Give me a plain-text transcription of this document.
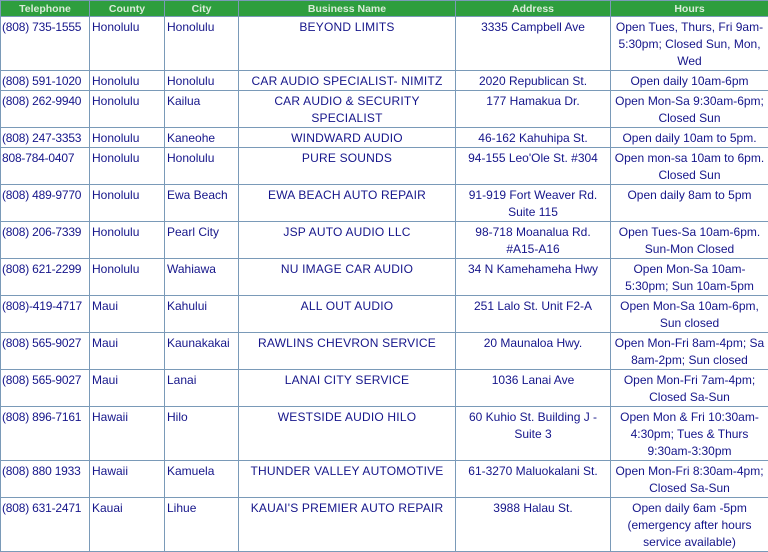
Telephone	County	City	Business Name	Address	Hours
(808) 735-1555	Honolulu	Honolulu	BEYOND LIMITS	3335 Campbell Ave	Open Tues, Thurs, Fri 9am-5:30pm; Closed Sun, Mon, Wed
(808) 591-1020	Honolulu	Honolulu	CAR AUDIO SPECIALIST- NIMITZ	2020 Republican St.	Open daily 10am-6pm
(808) 262-9940	Honolulu	Kailua	CAR AUDIO & SECURITY SPECIALIST	177 Hamakua Dr.	Open Mon-Sa 9:30am-6pm; Closed Sun
(808) 247-3353	Honolulu	Kaneohe	WINDWARD AUDIO	46-162 Kahuhipa St.	Open daily 10am to 5pm.
808-784-0407	Honolulu	Honolulu	PURE SOUNDS	94-155 Leo'Ole St. #304	Open mon-sa 10am to 6pm. Closed Sun
(808) 489-9770	Honolulu	Ewa Beach	EWA BEACH AUTO REPAIR	91-919 Fort Weaver Rd. Suite 115	Open daily 8am to 5pm
(808) 206-7339	Honolulu	Pearl City	JSP AUTO AUDIO LLC	98-718 Moanalua Rd. #A15-A16	Open Tues-Sa 10am-6pm. Sun-Mon Closed
(808) 621-2299	Honolulu	Wahiawa	NU IMAGE CAR AUDIO	34 N Kamehameha Hwy	Open Mon-Sa 10am-5:30pm; Sun 10am-5pm
(808)-419-4717	Maui	Kahului	ALL OUT AUDIO	251 Lalo St. Unit F2-A	Open Mon-Sa 10am-6pm, Sun closed
(808) 565-9027	Maui	Kaunakakai	RAWLINS CHEVRON SERVICE	20 Maunaloa Hwy.	Open Mon-Fri 8am-4pm; Sa 8am-2pm; Sun closed
(808) 565-9027	Maui	Lanai	LANAI CITY SERVICE	1036 Lanai Ave	Open Mon-Fri 7am-4pm; Closed Sa-Sun
(808) 896-7161	Hawaii	Hilo	WESTSIDE AUDIO HILO	60 Kuhio St. Building J - Suite 3	Open Mon & Fri 10:30am-4:30pm; Tues & Thurs 9:30am-3:30pm
(808) 880 1933	Hawaii	Kamuela	THUNDER VALLEY AUTOMOTIVE	61-3270 Maluokalani St.	Open Mon-Fri 8:30am-4pm; Closed Sa-Sun
(808) 631-2471	Kauai	Lihue	KAUAI'S PREMIER AUTO REPAIR	3988 Halau St.	Open daily 6am -5pm (emergency after hours service available)
